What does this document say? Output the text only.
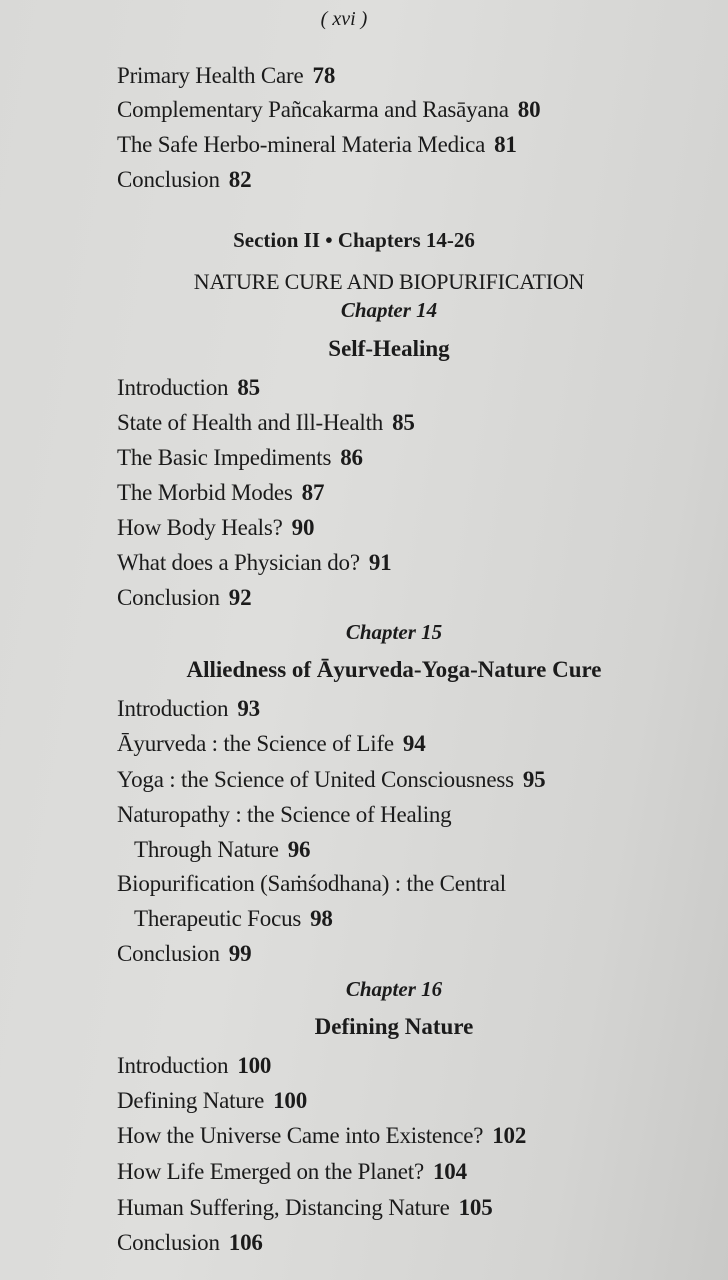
( xvi )
Primary Health Care 78
Complementary Pañcakarma and Rasāyana 80
The Safe Herbo-mineral Materia Medica 81
Conclusion 82
Section II • Chapters 14-26
NATURE CURE AND BIOPURIFICATION
Chapter 14
Self-Healing
Introduction 85
State of Health and Ill-Health 85
The Basic Impediments 86
The Morbid Modes 87
How Body Heals? 90
What does a Physician do? 91
Conclusion 92
Chapter 15
Alliedness of Āyurveda-Yoga-Nature Cure
Introduction 93
Āyurveda : the Science of Life 94
Yoga : the Science of United Consciousness 95
Naturopathy : the Science of Healing
Through Nature 96
Biopurification (Saṁśodhana) : the Central
Therapeutic Focus 98
Conclusion 99
Chapter 16
Defining Nature
Introduction 100
Defining Nature 100
How the Universe Came into Existence? 102
How Life Emerged on the Planet? 104
Human Suffering, Distancing Nature 105
Conclusion 106
